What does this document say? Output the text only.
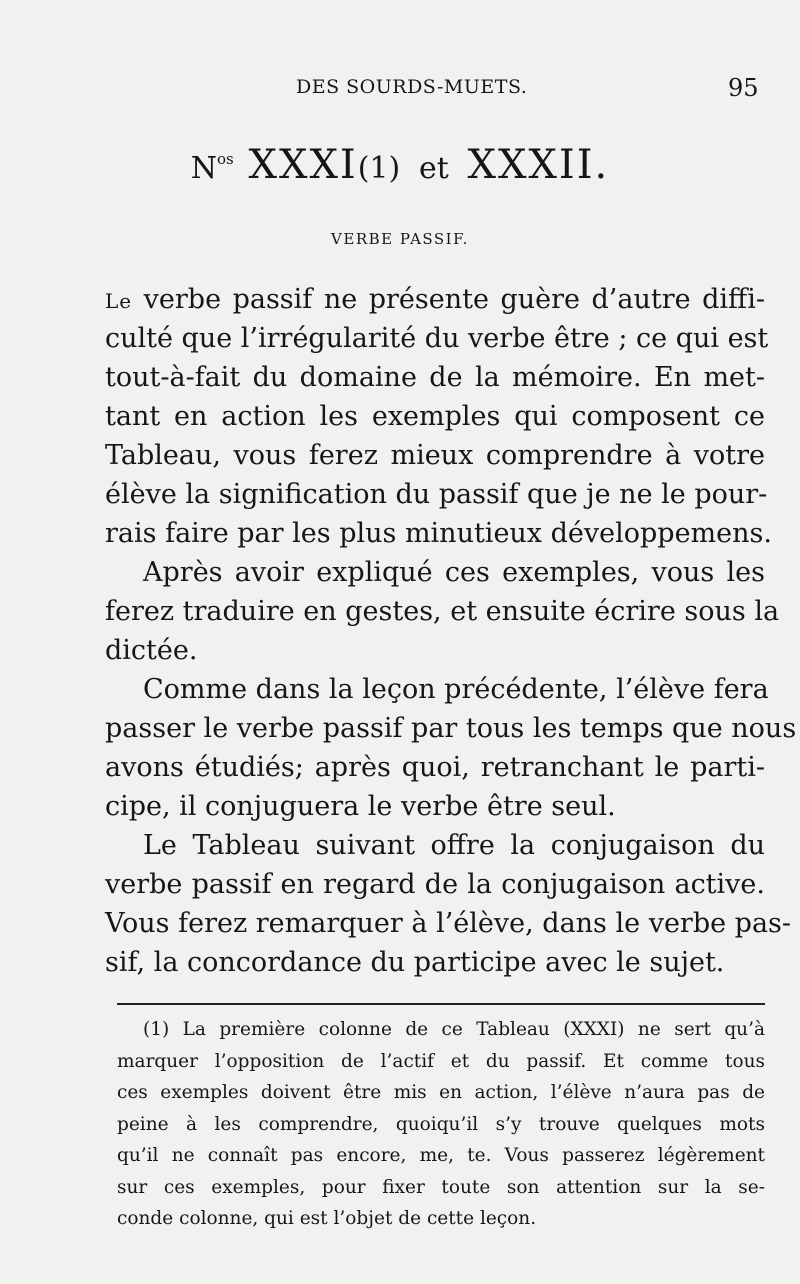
DES SOURDS-MUETS.	95
$N^{os}$ XXXI(1) et XXXII.
VERBE PASSIF.
Le verbe passif ne présente guère d’autre diffi-
culté que l’irrégularité du verbe être ; ce qui est
tout-à-fait du domaine de la mémoire. En met-
tant en action les exemples qui composent ce
Tableau, vous ferez mieux comprendre à votre
élève la signification du passif que je ne le pour-
rais faire par les plus minutieux développemens.
Après avoir expliqué ces exemples, vous les
ferez traduire en gestes, et ensuite écrire sous la
dictée.
Comme dans la leçon précédente, l’élève fera
passer le verbe passif par tous les temps que nous
avons étudiés; après quoi, retranchant le parti-
cipe, il conjuguera le verbe être seul.
Le Tableau suivant offre la conjugaison du
verbe passif en regard de la conjugaison active.
Vous ferez remarquer à l’élève, dans le verbe pas-
sif, la concordance du participe avec le sujet.
(1) La première colonne de ce Tableau (XXXI) ne sert qu’à
marquer l’opposition de l’actif et du passif. Et comme tous
ces exemples doivent être mis en action, l’élève n’aura pas de
peine à les comprendre, quoiqu’il s’y trouve quelques mots
qu’il ne connaît pas encore, me, te. Vous passerez légèrement
sur ces exemples, pour fixer toute son attention sur la se-
conde colonne, qui est l’objet de cette leçon.
